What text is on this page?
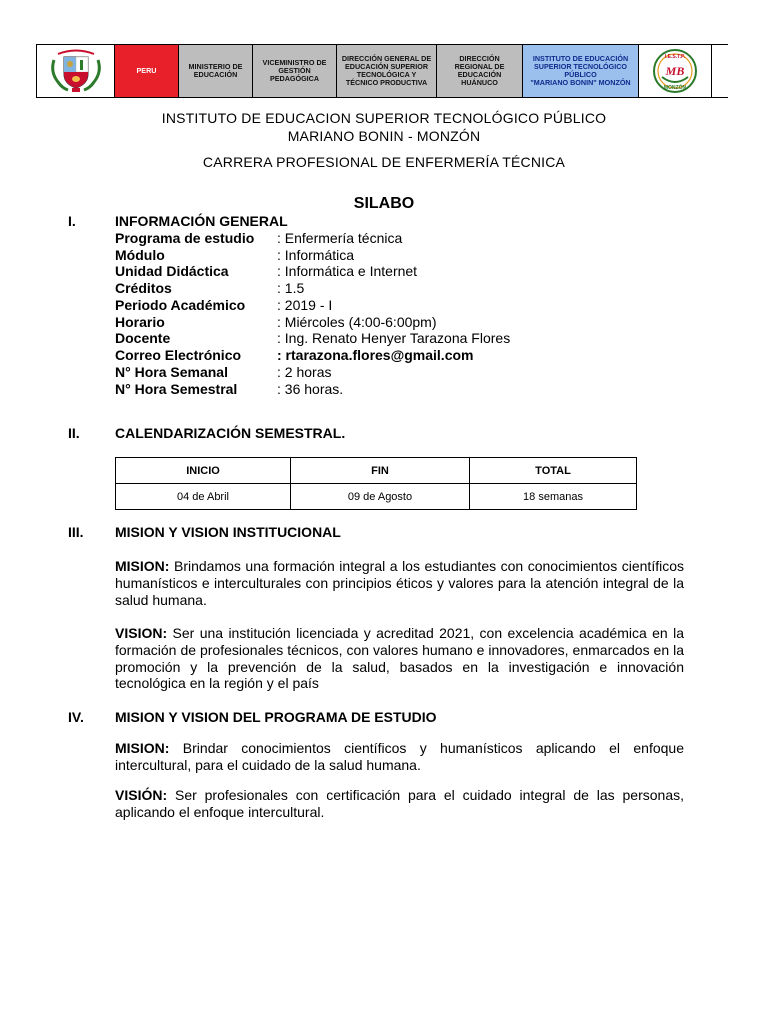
PERU	MINISTERIO DE EDUCACIÓN
VICEMINISTRO DE GESTIÓN PEDAGÓGICA
DIRECCIÓN GENERAL DE EDUCACIÓN SUPERIOR TECNOLÓGICA Y TÉCNICO PRODUCTIVA
DIRECCIÓN REGIONAL DE EDUCACIÓN HUÁNUCO
INSTITUTO DE EDUCACIÓN SUPERIOR TECNOLÓGICO PÚBLICO
"MARIANO BONIN" MONZÓN
I.E.S.T.P.
MB
MONZÓN
INSTITUTO DE EDUCACION SUPERIOR TECNOLÓGICO PÚBLICO
MARIANO BONIN - MONZÓN
CARRERA PROFESIONAL DE ENFERMERÍA TÉCNICA
SILABO
I.	INFORMACIÓN GENERAL
Programa de estudio : Enfermería técnica
Módulo	: Informática
Unidad Didáctica	: Informática e Internet
Créditos	: 1.5
Periodo Académico : 2019 - I
Horario	: Miércoles (4:00-6:00pm)
Docente	: Ing. Renato Henyer Tarazona Flores
Correo Electrónico	: rtarazona.flores@gmail.com
N° Hora Semanal	: 2 horas
N° Hora Semestral	: 36 horas.
II.	CALENDARIZACIÓN SEMESTRAL.
INICIO	FIN	TOTAL
04 de Abril	09 de Agosto	18 semanas
III. MISION Y VISION INSTITUCIONAL
MISION: Brindamos una formación integral a los estudiantes con conocimientos científicos humanísticos e interculturales con principios éticos y valores para la atención integral de la salud humana.
VISION: Ser una institución licenciada y acreditad 2021, con excelencia académica en la formación de profesionales técnicos, con valores humano e innovadores, enmarcados en la promoción y la prevención de la salud, basados en la investigación e innovación tecnológica en la región y el país
IV. MISION Y VISION DEL PROGRAMA DE ESTUDIO
MISION: Brindar conocimientos científicos y humanísticos aplicando el enfoque intercultural, para el cuidado de la salud humana.
VISIÓN: Ser profesionales con certificación para el cuidado integral de las personas, aplicando el enfoque intercultural.
